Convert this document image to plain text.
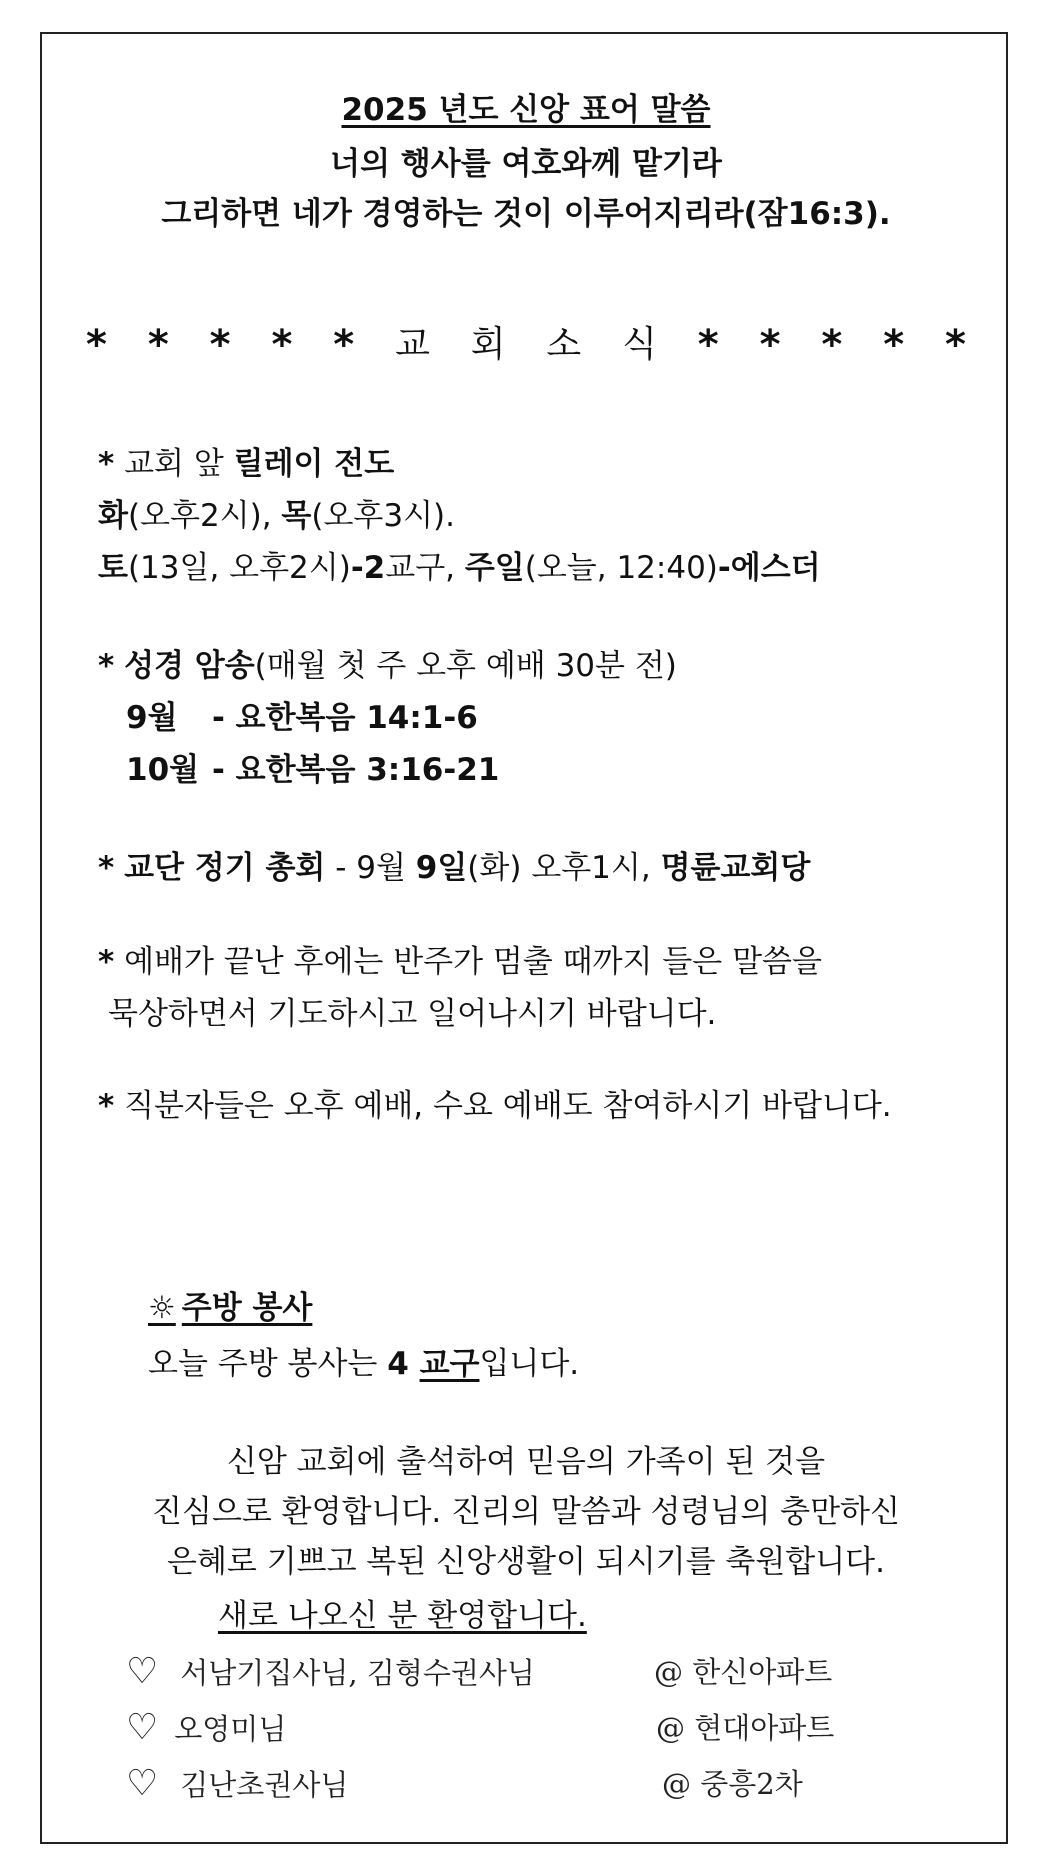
2025 년도 신앙 표어 말씀
너의 행사를 여호와께 맡기라
그리하면 네가 경영하는 것이 이루어지리라(잠16:3).
* * * * * 교 회 소 식 * * * * *
* 교회 앞 릴레이 전도
화(오후2시), 목(오후3시).
토(13일, 오후2시)-2교구, 주일(오늘, 12:40)-에스더
* 성경 암송(매월 첫 주 오후 예배 30분 전)
9월 - 요한복음 14:1-6
10월 - 요한복음 3:16-21
* 교단 정기 총회 - 9월 9일(화) 오후1시, 명륜교회당
* 예배가 끝난 후에는 반주가 멈출 때까지 들은 말씀을
묵상하면서 기도하시고 일어나시기 바랍니다.
* 직분자들은 오후 예배, 수요 예배도 참여하시기 바랍니다.
☼ 주방 봉사
오늘 주방 봉사는 4 교구입니다.
신암 교회에 출석하여 믿음의 가족이 된 것을
진심으로 환영합니다. 진리의 말씀과 성령님의 충만하신
은혜로 기쁘고 복된 신앙생활이 되시기를 축원합니다.
새로 나오신 분 환영합니다.
♡ 서남기집사님, 김형수권사님	@ 한신아파트
♡ 오영미님	@ 현대아파트
♡ 김난초권사님	@ 중흥2차
